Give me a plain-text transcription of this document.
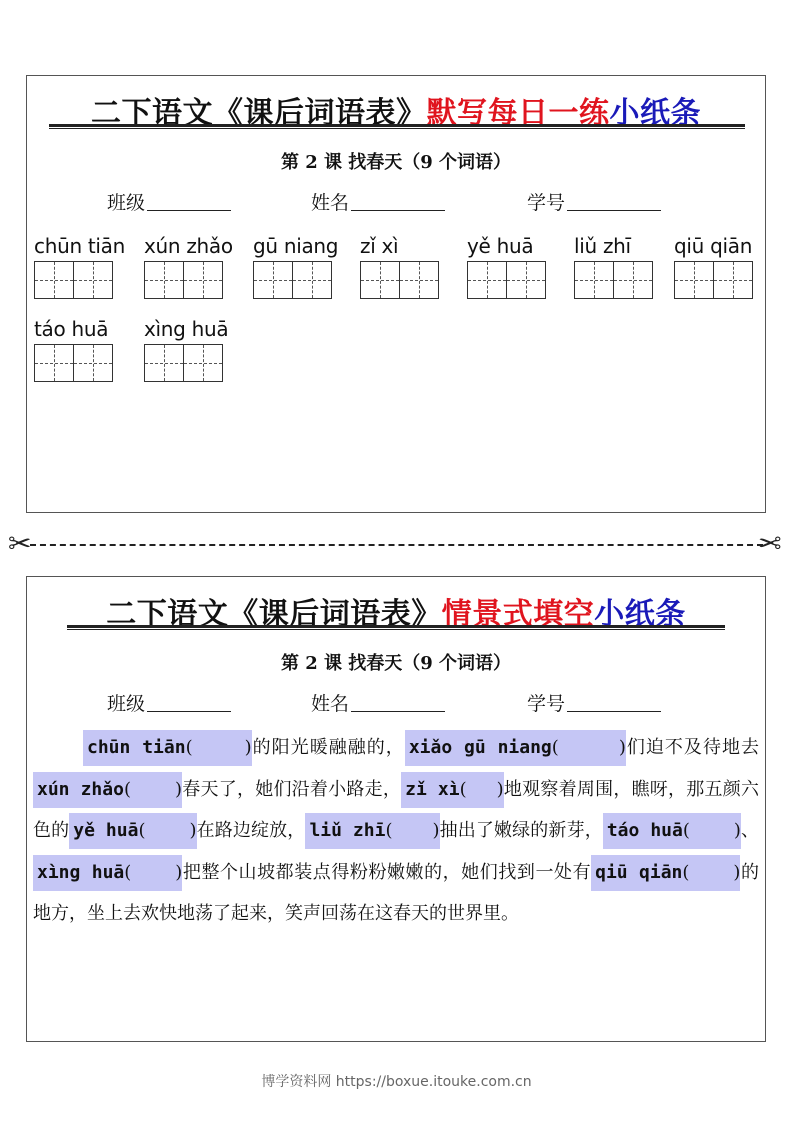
二下语文《课后词语表》默写每日一练小纸条
第 2 课 找春天（9 个词语）
班级	姓名	学号
chūn tiān xún zhǎo gū niang zǐ xì	yě huā liǔ zhī qiū qiān
táo huā xìng huā
✂	✂
二下语文《课后词语表》情景式填空小纸条
第 2 课 找春天（9 个词语）
班级	姓名	学号
chūn tiān(	)的阳光暖融融的， xiǎo gū niang(	)们迫不及待地去xún zhǎo( )春天了，她们沿着小路走， zǐ xì( )地观察着周围，瞧呀，那五颜六色的 yě huā( )在路边绽放， liǔ zhī( )抽出了嫩绿的新芽， táo huā( )、xìng huā( )把整个山坡都装点得粉粉嫩嫩的，她们找到一处有 qiū qiān( )的地方，坐上去欢快地荡了起来，笑声回荡在这春天的世界里。
博学资料网 https://boxue.itouke.com.cn
